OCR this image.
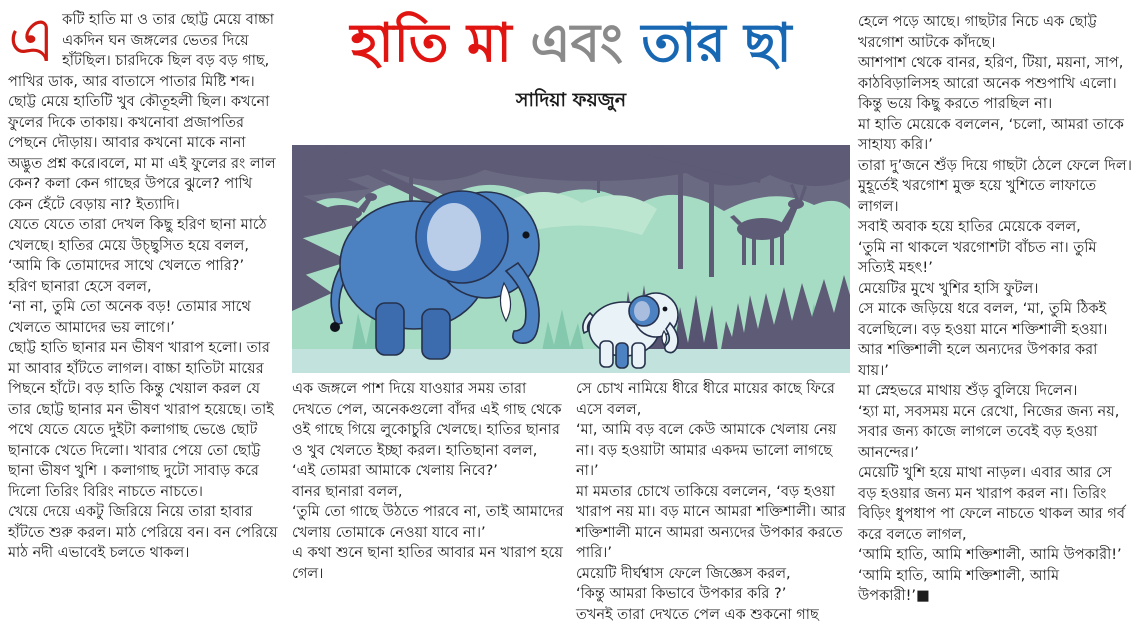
একটি হাতি মা ও তার ছোট্ট মেয়ে বাচ্চা একদিন ঘন জঙ্গলের ভেতর দিয়ে হাঁটছিল। চারদিকে ছিল বড় বড় গাছ, পাখির ডাক, আর বাতাসে পাতার মিষ্টি শব্দ।

ছোট্ট মেয়ে হাতিটি খুব কৌতূহলী ছিল। কখনো ফুলের দিকে তাকায়। কখনোবা প্রজাপতির পেছনে দৌড়ায়। আবার কখনো মাকে নানা অদ্ভুত প্রশ্ন করে।বলে, মা মা এই ফুলের রং লাল কেন? কলা কেন গাছের উপরে ঝুলে? পাখি কেন হেঁটে বেড়ায় না? ইত্যাদি।

যেতে যেতে তারা দেখল কিছু হরিণ ছানা মাঠে খেলছে। হাতির মেয়ে উচ্ছ্বসিত হয়ে বলল,

‘আমি কি তোমাদের সাথে খেলতে পারি?’

হরিণ ছানারা হেসে বলল,

‘না না, তুমি তো অনেক বড়! তোমার সাথে খেলতে আমাদের ভয় লাগে।’

ছোট্ট হাতি ছানার মন ভীষণ খারাপ হলো। তার মা আবার হাঁটতে লাগল। বাচ্চা হাতিটা মায়ের পিছনে হাঁটে। বড় হাতি কিন্তু খেয়াল করল যে তার ছোট্ট ছানার মন ভীষণ খারাপ হয়েছে। তাই পথে যেতে যেতে দুইটা কলাগাছ ভেঙে ছোট ছানাকে খেতে দিলো। খাবার পেয়ে তো ছোট্ট ছানা ভীষণ খুশি । কলাগাছ দুটো সাবাড় করে দিলো তিরিং বিরিং নাচতে নাচতে।

খেয়ে দেয়ে একটু জিরিয়ে নিয়ে তারা হাবার হাঁটতে শুরু করল। মাঠ পেরিয়ে বন। বন পেরিয়ে মাঠ নদী এভাবেই চলতে থাকল।

হাতি মা এবং তার ছা
সাদিয়া ফয়জুন

এক জঙ্গলে পাশ দিয়ে যাওয়ার সময় তারা দেখতে পেল, অনেকগুলো বাঁদর এই গাছ থেকে ওই গাছে গিয়ে লুকোচুরি খেলছে। হাতির ছানার ও খুব খেলতে ইচ্ছা করল। হাতিছানা বলল, ‘এই তোমরা আমাকে খেলায় নিবে?’

বানর ছানারা বলল,

‘তুমি তো গাছে উঠতে পারবে না, তাই আমাদের খেলায় তোমাকে নেওয়া যাবে না।’

এ কথা শুনে ছানা হাতির আবার মন খারাপ হয়ে গেল।

সে চোখ নামিয়ে ধীরে ধীরে মায়ের কাছে ফিরে এসে বলল,

‘মা, আমি বড় বলে কেউ আমাকে খেলায় নেয় না। বড় হওয়াটা আমার একদম ভালো লাগছে না।’

মা মমতার চোখে তাকিয়ে বললেন, ‘বড় হওয়া খারাপ নয় মা। বড় মানে আমরা শক্তিশালী। আর শক্তিশালী মানে আমরা অন্যদের উপকার করতে পারি।’

মেয়েটি দীর্ঘশ্বাস ফেলে জিজ্ঞেস করল,

‘কিন্তু আমরা কিভাবে উপকার করি ?’

তখনই তারা দেখতে পেল এক শুকনো গাছ

হেলে পড়ে আছে। গাছটার নিচে এক ছোট্ট খরগোশ আটকে কাঁদছে।

আশপাশ থেকে বানর, হরিণ, টিয়া, ময়না, সাপ, কাঠবিড়ালিসহ আরো অনেক পশুপাখি এলো। কিন্তু ভয়ে কিছু করতে পারছিল না।

মা হাতি মেয়েকে বললেন, ‘চলো, আমরা তাকে সাহায্য করি।’

তারা দু’জনে শুঁড় দিয়ে গাছটা ঠেলে ফেলে দিল। মুহূর্তেই খরগোশ মুক্ত হয়ে খুশিতে লাফাতে লাগল।

সবাই অবাক হয়ে হাতির মেয়েকে বলল,

‘তুমি না থাকলে খরগোশটা বাঁচত না। তুমি সত্যিই মহৎ!’

মেয়েটির মুখে খুশির হাসি ফুটল।

সে মাকে জড়িয়ে ধরে বলল, ‘মা, তুমি ঠিকই বলেছিলে। বড় হওয়া মানে শক্তিশালী হওয়া। আর শক্তিশালী হলে অন্যদের উপকার করা যায়।’

মা স্নেহভরে মাথায় শুঁড় বুলিয়ে দিলেন।

‘হ্যা মা, সবসময় মনে রেখো, নিজের জন্য নয়, সবার জন্য কাজে লাগলে তবেই বড় হওয়া আনন্দের।’

মেয়েটি খুশি হয়ে মাথা নাড়ল। এবার আর সে বড় হওয়ার জন্য মন খারাপ করল না। তিরিং বিড়িং ধুপধাপ পা ফেলে নাচতে থাকল আর গর্ব করে বলতে লাগল,

‘আমি হাতি, আমি শক্তিশালী, আমি উপকারী!’

‘আমি হাতি, আমি শক্তিশালী, আমি উপকারী!’■
